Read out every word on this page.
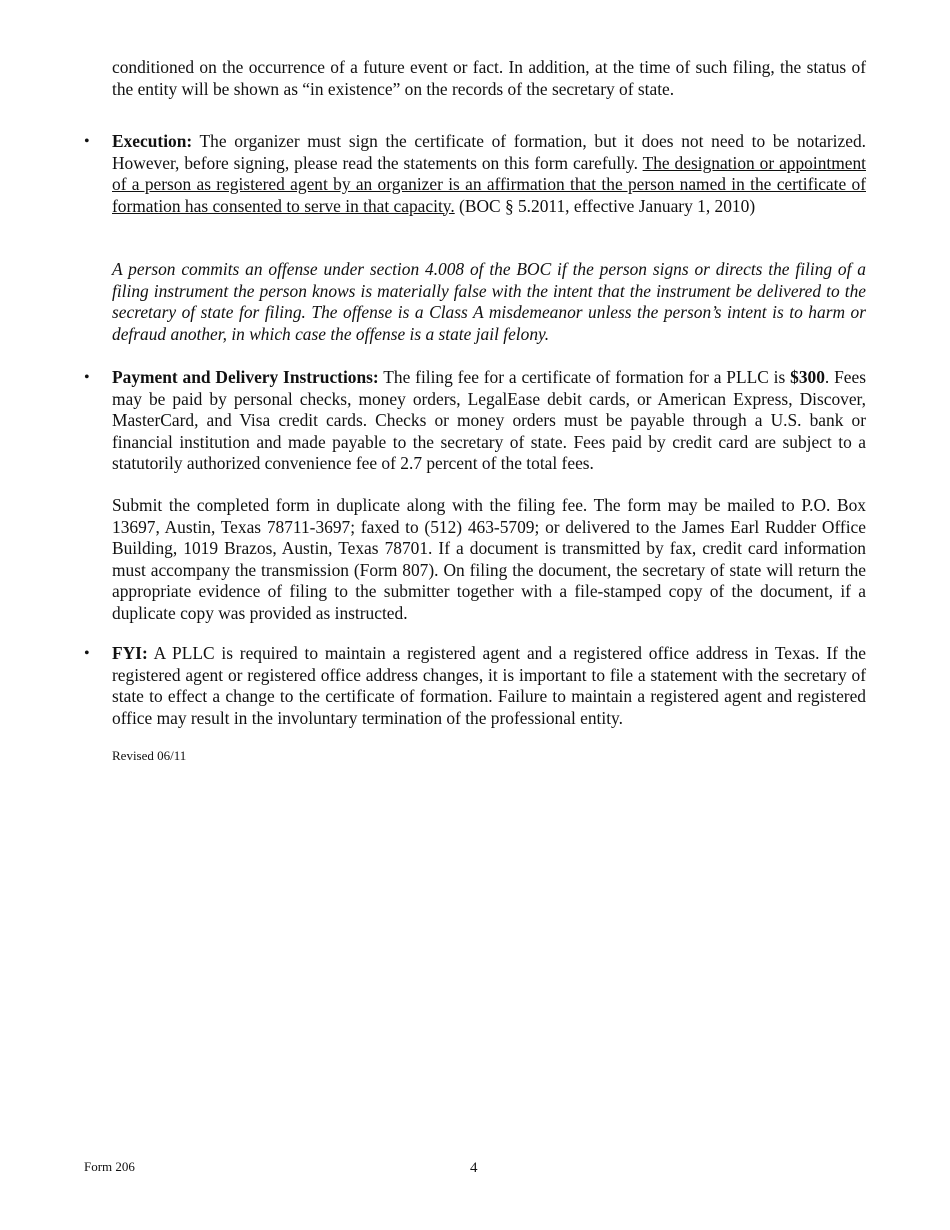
conditioned on the occurrence of a future event or fact. In addition, at the time of such filing, the status of the entity will be shown as “in existence” on the records of the secretary of state.

• Execution: The organizer must sign the certificate of formation, but it does not need to be notarized. However, before signing, please read the statements on this form carefully. The designation or appointment of a person as registered agent by an organizer is an affirmation that the person named in the certificate of formation has consented to serve in that capacity. (BOC § 5.2011, effective January 1, 2010)

A person commits an offense under section 4.008 of the BOC if the person signs or directs the filing of a filing instrument the person knows is materially false with the intent that the instrument be delivered to the secretary of state for filing. The offense is a Class A misdemeanor unless the person’s intent is to harm or defraud another, in which case the offense is a state jail felony.

• Payment and Delivery Instructions: The filing fee for a certificate of formation for a PLLC is $300. Fees may be paid by personal checks, money orders, LegalEase debit cards, or American Express, Discover, MasterCard, and Visa credit cards. Checks or money orders must be payable through a U.S. bank or financial institution and made payable to the secretary of state. Fees paid by credit card are subject to a statutorily authorized convenience fee of 2.7 percent of the total fees.

Submit the completed form in duplicate along with the filing fee. The form may be mailed to P.O. Box 13697, Austin, Texas 78711-3697; faxed to (512) 463-5709; or delivered to the James Earl Rudder Office Building, 1019 Brazos, Austin, Texas 78701. If a document is transmitted by fax, credit card information must accompany the transmission (Form 807). On filing the document, the secretary of state will return the appropriate evidence of filing to the submitter together with a file-stamped copy of the document, if a duplicate copy was provided as instructed.

• FYI: A PLLC is required to maintain a registered agent and a registered office address in Texas. If the registered agent or registered office address changes, it is important to file a statement with the secretary of state to effect a change to the certificate of formation. Failure to maintain a registered agent and registered office may result in the involuntary termination of the professional entity.

Revised 06/11
Form 206	4
